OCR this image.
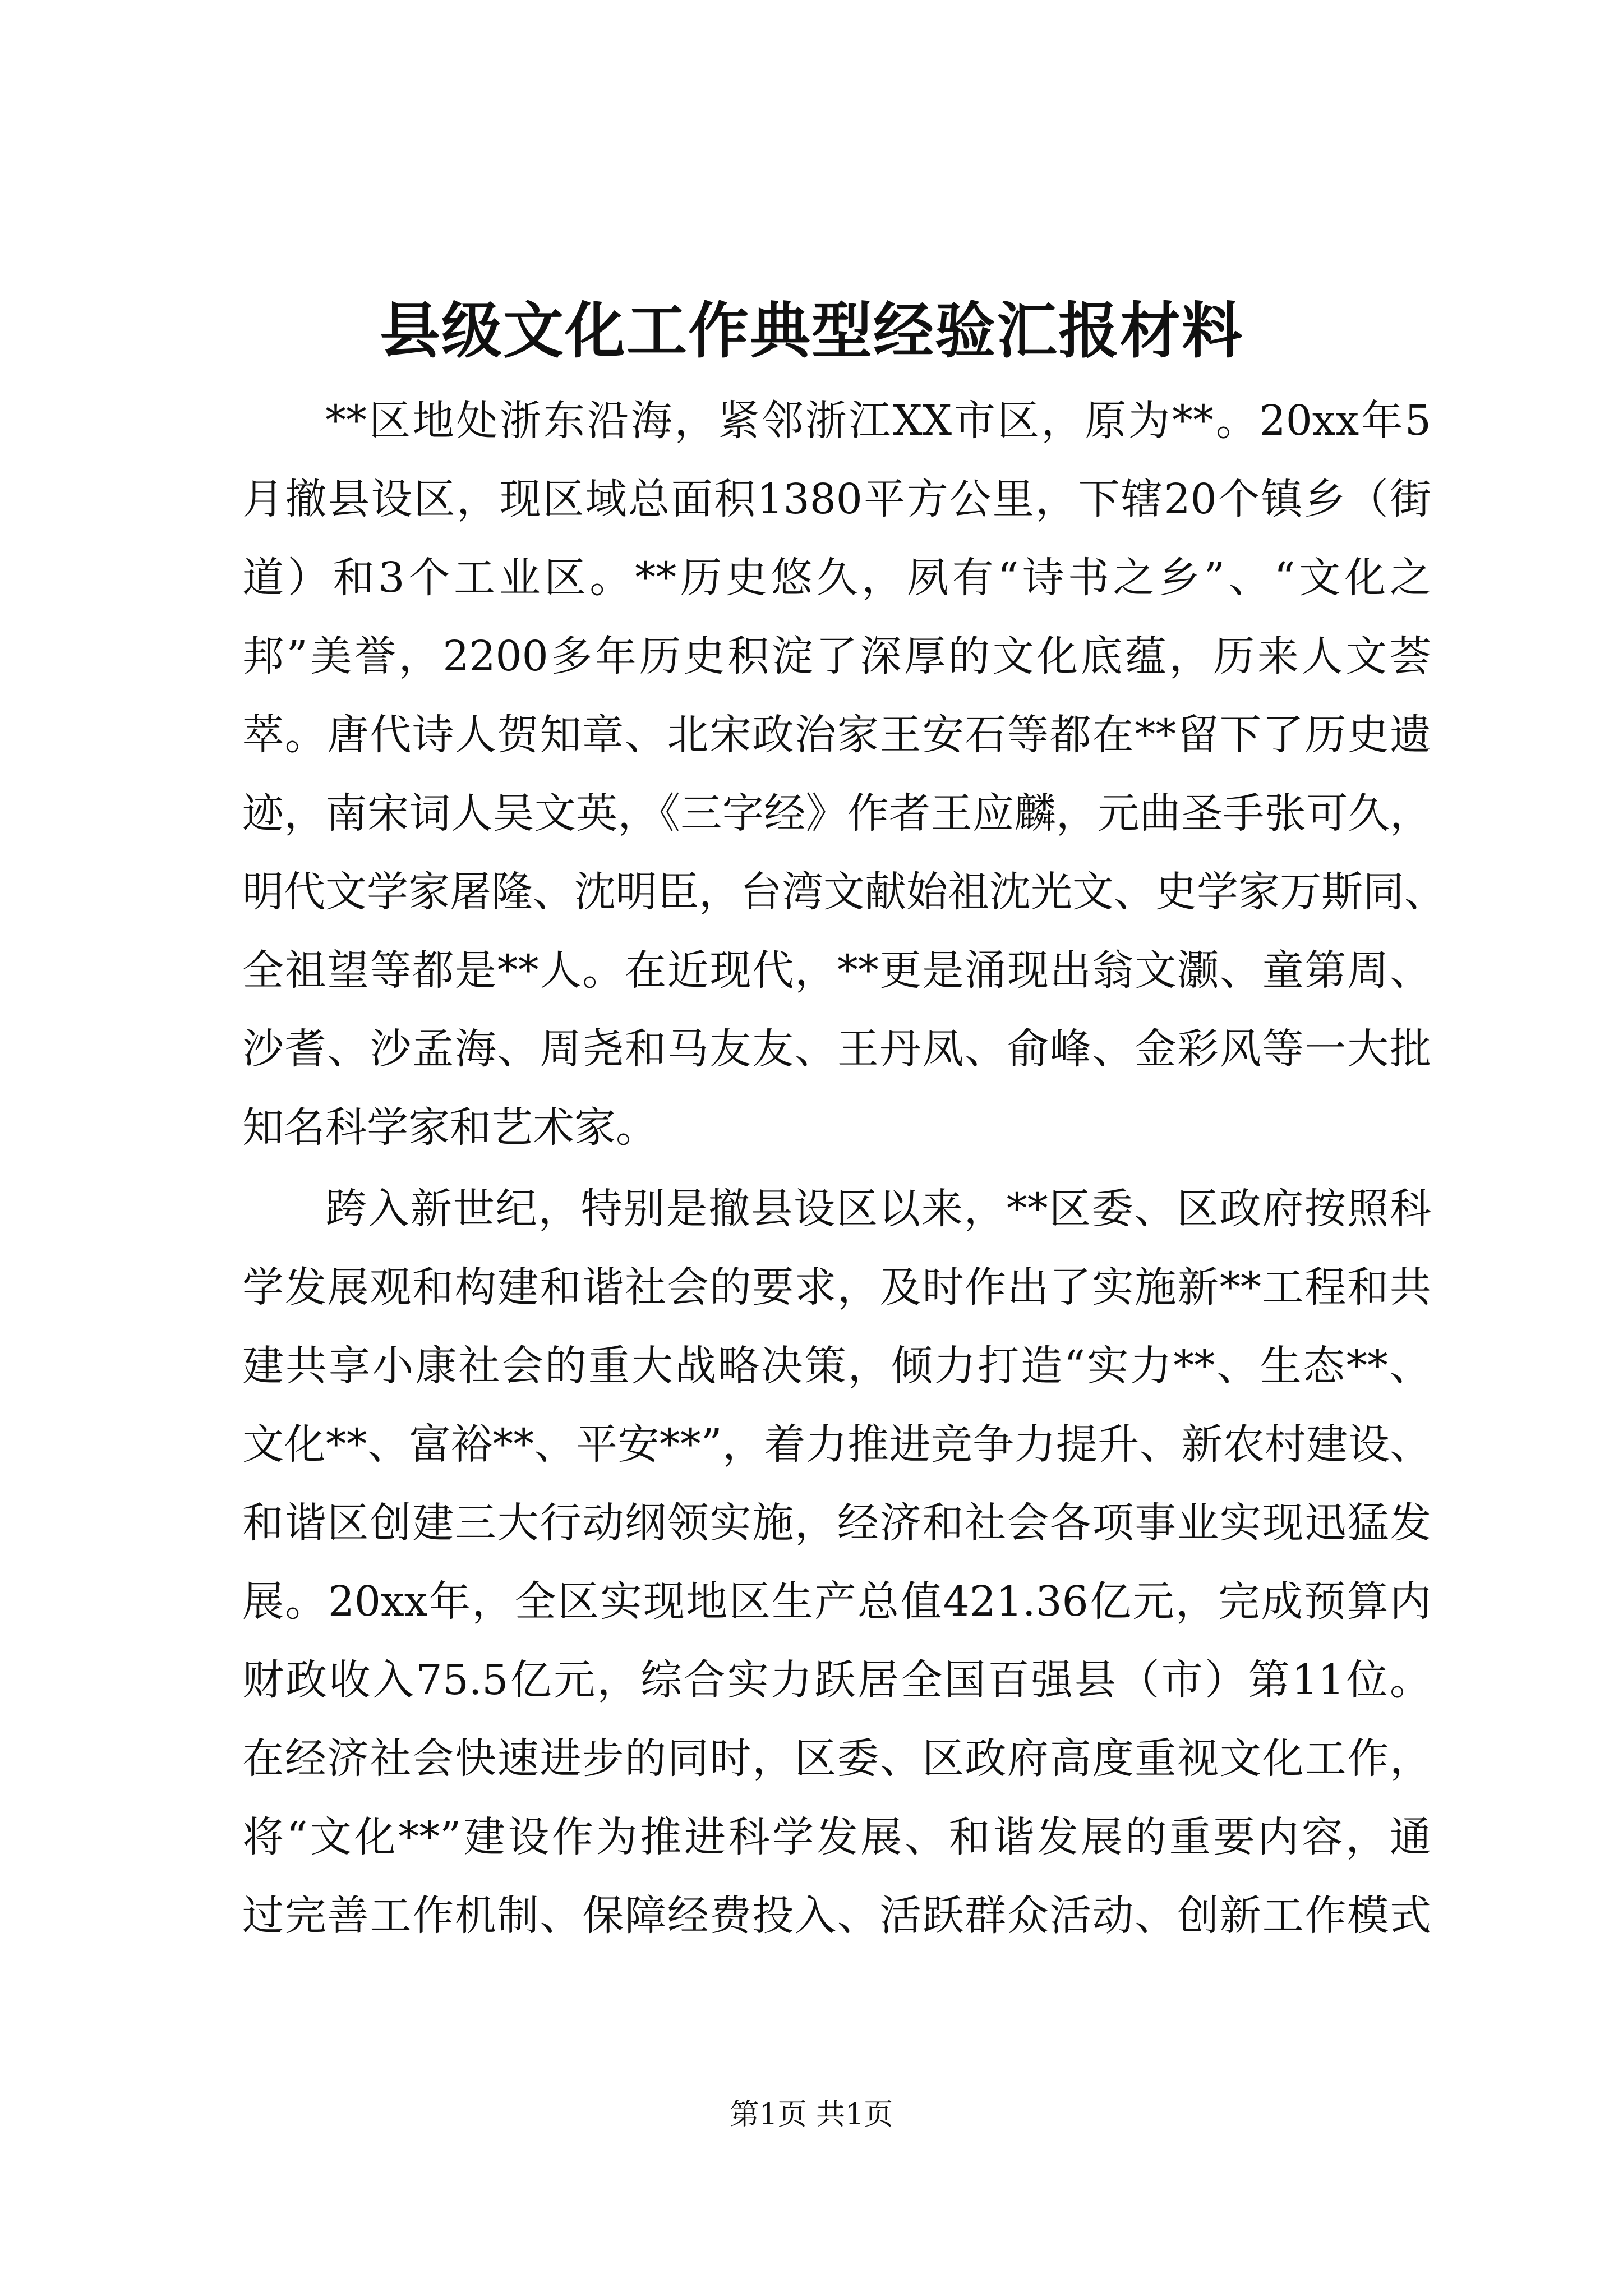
县级文化工作典型经验汇报材料

**区地处浙东沿海，紧邻浙江XX市区，原为**。20xx年5

月撤县设区，现区域总面积1380平方公里，下辖20个镇乡（街

道）和3个工业区。**历史悠久，夙有“诗书之乡”、“文化之

邦”美誉，2200多年历史积淀了深厚的文化底蕴，历来人文荟

萃。唐代诗人贺知章、北宋政治家王安石等都在**留下了历史遗

迹，南宋词人吴文英，《三字经》作者王应麟，元曲圣手张可久，

明代文学家屠隆、沈明臣，台湾文献始祖沈光文、史学家万斯同、

全祖望等都是**人。在近现代，**更是涌现出翁文灏、童第周、

沙耆、沙孟海、周尧和马友友、王丹凤、俞峰、金彩风等一大批

知名科学家和艺术家。

跨入新世纪，特别是撤县设区以来，**区委、区政府按照科

学发展观和构建和谐社会的要求，及时作出了实施新**工程和共

建共享小康社会的重大战略决策，倾力打造“实力**、生态**、

文化**、富裕**、平安**”，着力推进竞争力提升、新农村建设、

和谐区创建三大行动纲领实施，经济和社会各项事业实现迅猛发

展。20xx年，全区实现地区生产总值421.36亿元，完成预算内

财政收入75.5亿元，综合实力跃居全国百强县（市）第11位。

在经济社会快速进步的同时，区委、区政府高度重视文化工作，

将“文化**”建设作为推进科学发展、和谐发展的重要内容，通

过完善工作机制、保障经费投入、活跃群众活动、创新工作模式

第1页 共1页
